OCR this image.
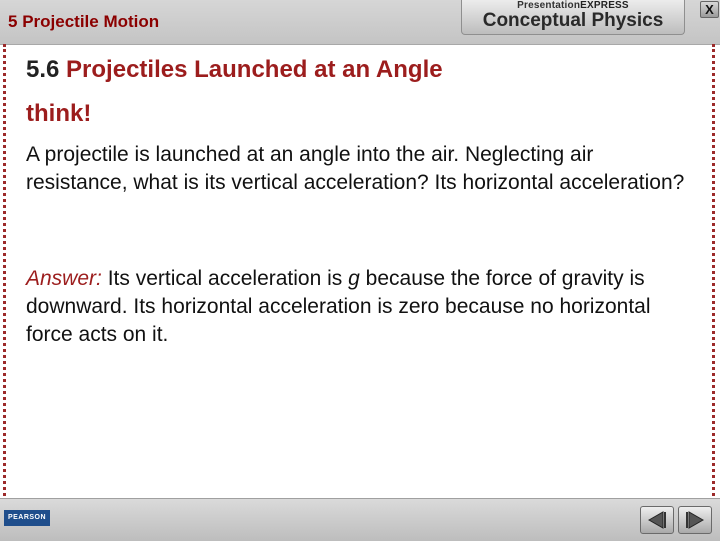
5 Projectile Motion
PresentationEXPRESS
Conceptual Physics
X
5.6 Projectiles Launched at an Angle
think!
A projectile is launched at an angle into the air. Neglecting air resistance, what is its vertical acceleration? Its horizontal acceleration?
Answer: Its vertical acceleration is g because the force of gravity is downward. Its horizontal acceleration is zero because no horizontal force acts on it.
PEARSON
